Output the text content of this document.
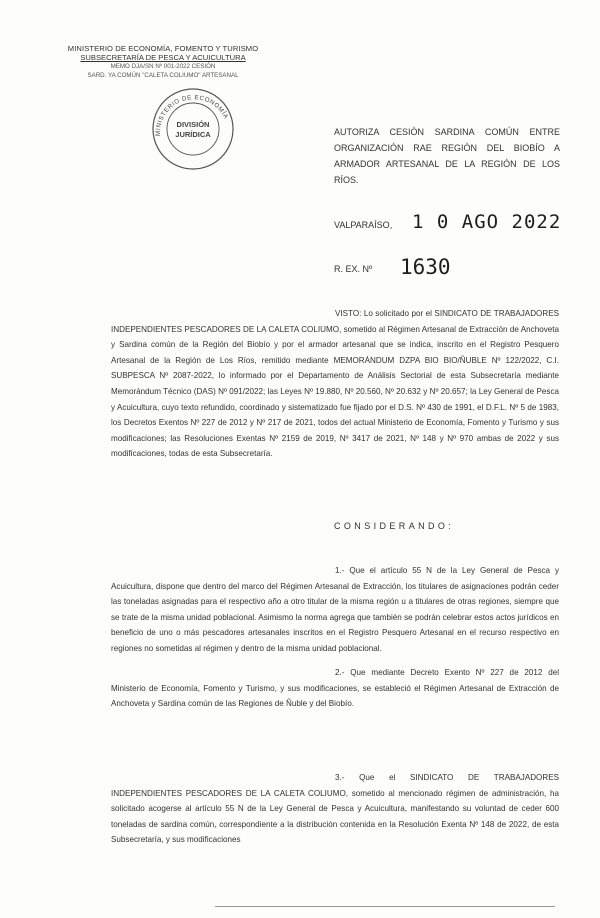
MINISTERIO DE ECONOMÍA, FOMENTO Y TURISMO
SUBSECRETARÍA DE PESCA Y ACUICULTURA
MEMO DJA/SN Nº 001-2022 CESIÓN
SARD. YA COMÚN "CALETA COLIUMO" ARTESANAL
MINISTERIO DE ECONOMÍA
DIVISIÓN
JURÍDICA	AUTORIZA CESIÓN SARDINA COMÚN ENTRE ORGANIZACIÓN RAE REGIÓN DEL BIOBÍO A ARMADOR ARTESANAL DE LA REGIÓN DE LOS RÍOS.
VALPARAÍSO, 1 0 AGO 2022
R. EX. Nº 1630
VISTO: Lo solicitado por el SINDICATO DE TRABAJADORES INDEPENDIENTES PESCADORES DE LA CALETA COLIUMO, sometido al Régimen Artesanal de Extracción de Anchoveta y Sardina común de la Región del Biobío y por el armador artesanal que se indica, inscrito en el Registro Pesquero Artesanal de la Región de Los Ríos, remitido mediante MEMORÁNDUM DZPA BIO BIO/ÑUBLE Nº 122/2022, C.I. SUBPESCA Nº 2087-2022, lo informado por el Departamento de Análisis Sectorial de esta Subsecretaría mediante Memorándum Técnico (DAS) Nº 091/2022; las Leyes Nº 19.880, Nº 20.560, Nº 20.632 y Nº 20.657; la Ley General de Pesca y Acuicultura, cuyo texto refundido, coordinado y sistematizado fue fijado por el D.S. Nº 430 de 1991, el D.F.L. Nº 5 de 1983, los Decretos Exentos Nº 227 de 2012 y Nº 217 de 2021, todos del actual Ministerio de Economía, Fomento y Turismo y sus modificaciones; las Resoluciones Exentas Nº 2159 de 2019, Nº 3417 de 2021, Nº 148 y Nº 970 ambas de 2022 y sus modificaciones, todas de esta Subsecretaría.
CONSIDERANDO:
1.- Que el artículo 55 N de la Ley General de Pesca y Acuicultura, dispone que dentro del marco del Régimen Artesanal de Extracción, los titulares de asignaciones podrán ceder las toneladas asignadas para el respectivo año a otro titular de la misma región u a titulares de otras regiones, siempre que se trate de la misma unidad poblacional. Asimismo la norma agrega que también se podrán celebrar estos actos jurídicos en beneficio de uno o más pescadores artesanales inscritos en el Registro Pesquero Artesanal en el recurso respectivo en regiones no sometidas al régimen y dentro de la misma unidad poblacional.
2.- Que mediante Decreto Exento Nº 227 de 2012 del Ministerio de Economía, Fomento y Turismo, y sus modificaciones, se estableció el Régimen Artesanal de Extracción de Anchoveta y Sardina común de las Regiones de Ñuble y del Biobío.
3.- Que el SINDICATO DE TRABAJADORES INDEPENDIENTES PESCADORES DE LA CALETA COLIUMO, sometido al mencionado régimen de administración, ha solicitado acogerse al artículo 55 N de la Ley General de Pesca y Acuicultura, manifestando su voluntad de ceder 600 toneladas de sardina común, correspondiente a la distribución contenida en la Resolución Exenta Nº 148 de 2022, de esta Subsecretaría, y sus modificaciones
